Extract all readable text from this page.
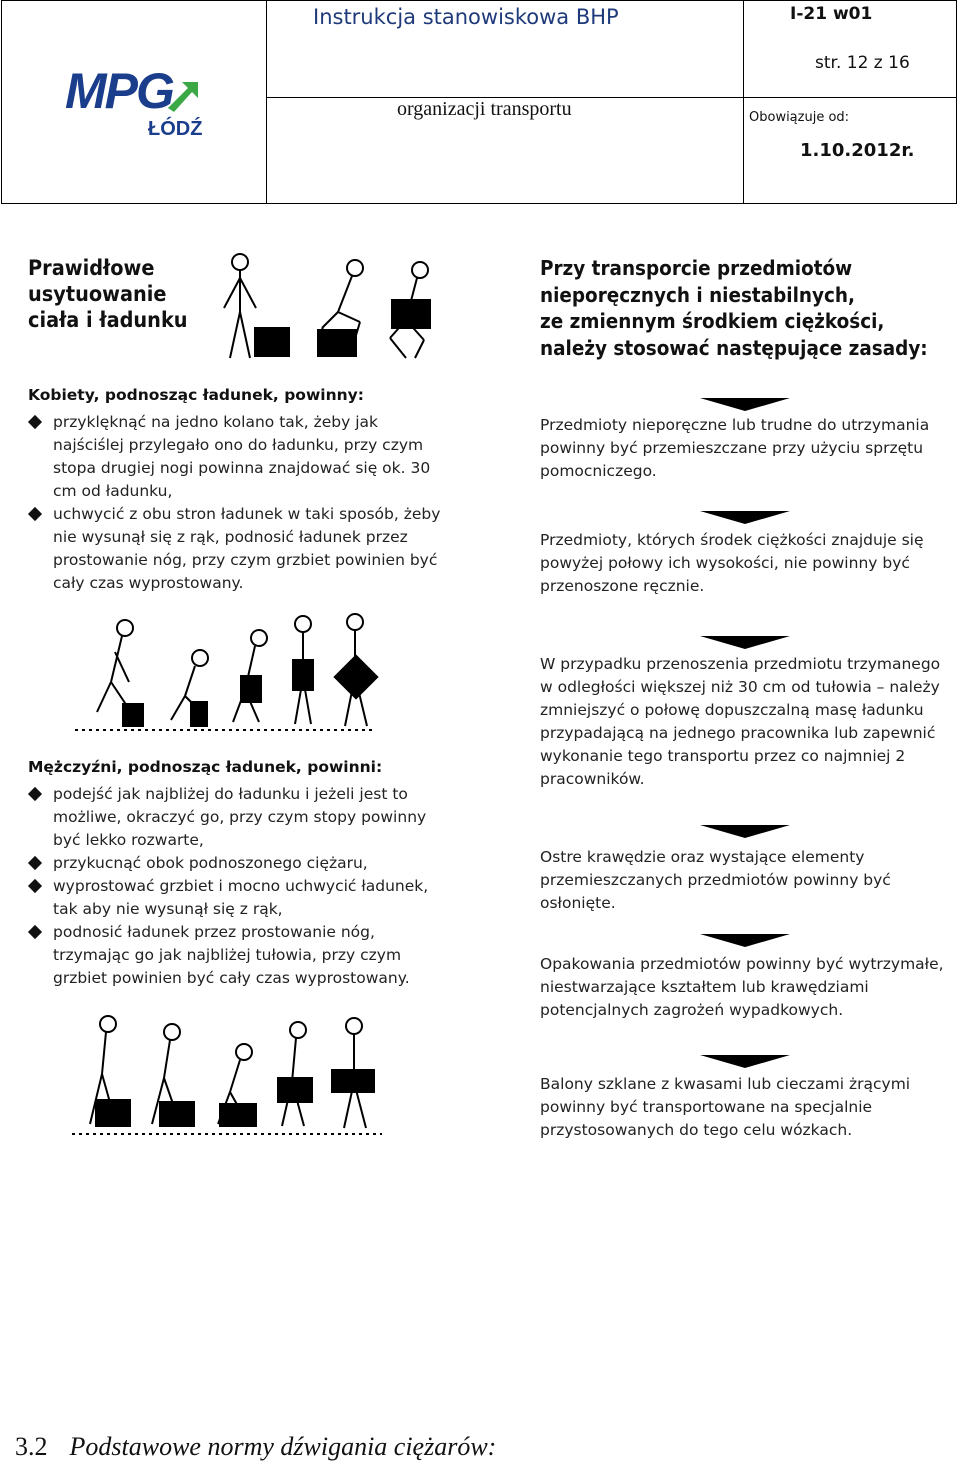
MPG
ŁÓDŹ
Instrukcja stanowiskowa BHP	I-21 w01
str. 12 z 16
organizacji transportu	Obowiązuje od:
1.10.2012r.
Prawidłowe
usytuowanie
ciała i ładunku
Kobiety, podnosząc ładunek, powinny:
przyklęknąć na jedno kolano tak, żeby jak najściślej przylegało ono do ładunku, przy czym stopa drugiej nogi powinna znajdować się ok. 30 cm od ładunku,
uchwycić z obu stron ładunek w taki sposób, żeby nie wysunął się z rąk, podnosić ładunek przez prostowanie nóg, przy czym grzbiet powinien być cały czas wyprostowany.
Mężczyźni, podnosząc ładunek, powinni:
podejść jak najbliżej do ładunku i jeżeli jest to możliwe, okraczyć go, przy czym stopy powinny być lekko rozwarte,
przykucnąć obok podnoszonego ciężaru,
wyprostować grzbiet i mocno uchwycić ładunek, tak aby nie wysunął się z rąk,
podnosić ładunek przez prostowanie nóg, trzymając go jak najbliżej tułowia, przy czym grzbiet powinien być cały czas wyprostowany.
Przy transporcie przedmiotów
nieporęcznych i niestabilnych,
ze zmiennym środkiem ciężkości,
należy stosować następujące zasady:
Przedmioty nieporęczne lub trudne do utrzymania powinny być przemieszczane przy użyciu sprzętu pomocniczego.
Przedmioty, których środek ciężkości znajduje się powyżej połowy ich wysokości, nie powinny być przenoszone ręcznie.
W przypadku przenoszenia przedmiotu trzymanego w odległości większej niż 30 cm od tułowia – należy zmniejszyć o połowę dopuszczalną masę ładunku przypadającą na jednego pracownika lub zapewnić wykonanie tego transportu przez co najmniej 2 pracowników.
Ostre krawędzie oraz wystające elementy przemieszczanych przedmiotów powinny być osłonięte.
Opakowania przedmiotów powinny być wytrzymałe, niestwarzające kształtem lub krawędziami potencjalnych zagrożeń wypadkowych.
Balony szklane z kwasami lub cieczami żrącymi powinny być transportowane na specjalnie przystosowanych do tego celu wózkach.
3.2 Podstawowe normy dźwigania ciężarów:
